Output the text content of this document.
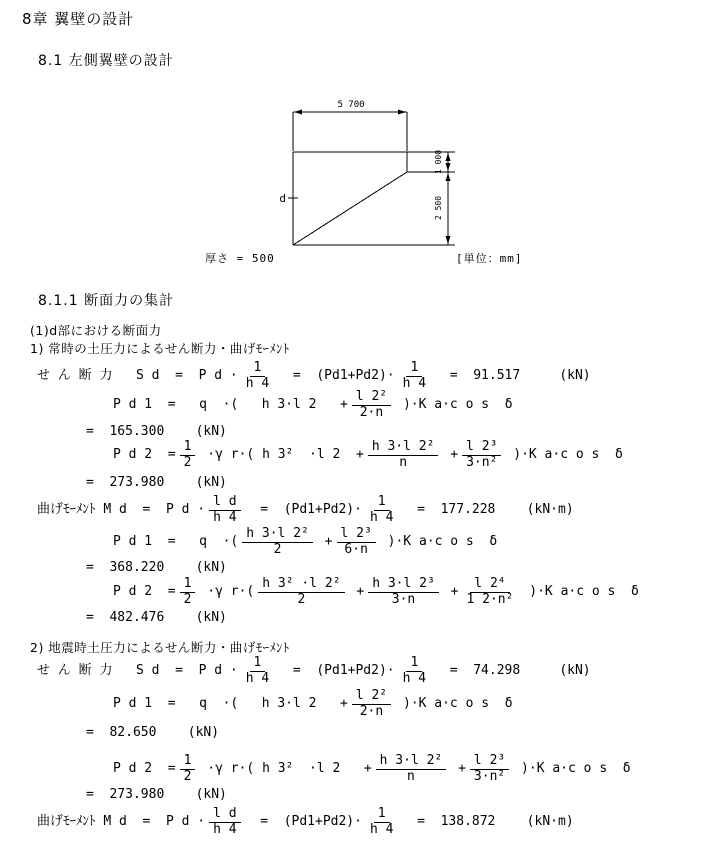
8章 翼壁の設計
8.1 左側翼壁の設計
5 700
1 000
2 500
d
厚さ = 500	[単位：mm]
8.1.1 断面力の集計
(1)d部における断面力
1) 常時の土圧力によるせん断力・曲げﾓｰﾒﾝﾄ
せ ん 断 力   S d  =  P $d \cdot \frac{1}{h 4} = (Pd1+Pd2)\cdot \frac{1}{h 4} = 91.517$     (kN)
P d 1  =   q  ·(   h 3·l $2 + \frac{\text{l 2²}}{2\cdot n} )\cdot K$ a·c o s  δ
=  165.300    (kN)
P d $2 = \frac{1}{2} \cdot\gamma$ r·( h 3²  ·l $2 + \frac{\text{h 3·l 2²}}{n} + \frac{\text{l 2³}}{\text{3·n²}} )\cdot K$ a·c o s  δ
=  273.980    (kN)
曲げﾓｰﾒﾝﾄ M d  =  P $d \cdot \frac{\text{l d}}{h 4} = (Pd1+Pd2)\cdot \frac{1}{h 4} = 177.228$    (kN·m)
P d 1  =   q  ·( $\frac{\text{h 3·l 2²}}{2} + \frac{\text{l 2³}}{6\cdot n} )\cdot K$ a·c o s  δ
=  368.220    (kN)
P d $2 = \frac{1}{2} \cdot\gamma$ $r\cdot( \frac{\text{h 3² ·l 2²}}{2} + \frac{\text{h 3·l 2³}}{3\cdot n} + \frac{\text{l 2⁴}}{\text{1 2·n²}} )\cdot K$ a·c o s  δ
=  482.476    (kN)
2) 地震時土圧力によるせん断力・曲げﾓｰﾒﾝﾄ
せ ん 断 力   S d  =  P $d \cdot \frac{1}{h 4} = (Pd1+Pd2)\cdot \frac{1}{h 4} = 74.298$     (kN)
P d 1  =   q  ·(   h 3·l $2 + \frac{\text{l 2²}}{2\cdot n} )\cdot K$ a·c o s  δ
=  82.650    (kN)
P d $2 = \frac{1}{2} \cdot\gamma$ r·( h 3²  ·l $2 + \frac{\text{h 3·l 2²}}{n} + \frac{\text{l 2³}}{\text{3·n²}} )\cdot K$ a·c o s  δ
=  273.980    (kN)
曲げﾓｰﾒﾝﾄ M d  =  P $d \cdot \frac{\text{l d}}{h 4} = (Pd1+Pd2)\cdot \frac{1}{h 4} = 138.872$    (kN·m)
